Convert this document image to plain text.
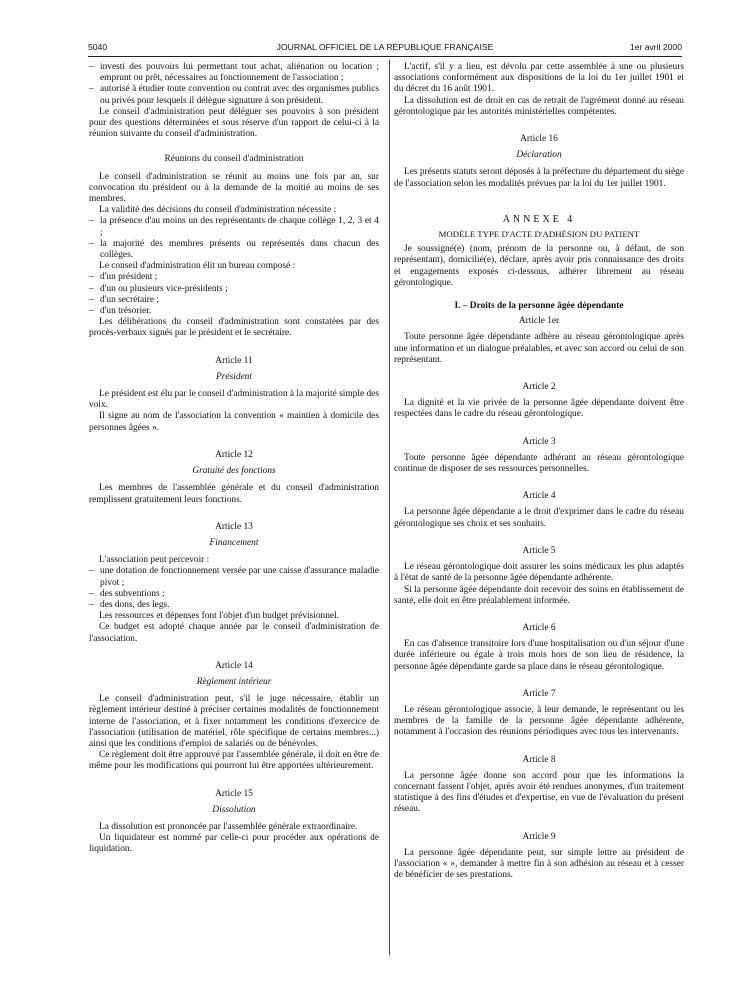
5040	JOURNAL OFFICIEL DE LA RÉPUBLIQUE FRANÇAISE	1er avril 2000
– investi des pouvoirs lui permettant tout achat, aliénation ou location ; emprunt ou prêt, nécessaires au fonctionnement de l'association ;
– autorisé à étudier toute convention ou contrat avec des organismes publics ou privés pour lesquels il délègue signature à son président.

Le conseil d'administration peut déléguer ses pouvoirs à son président pour des questions déterminées et sous réserve d'un rapport de celui-ci à la réunion suivante du conseil d'administration.

Réunions du conseil d'administration

Le conseil d'administration se réunit au moins une fois par an, sur convocation du président ou à la demande de la moitié au moins de ses membres.

La validité des décisions du conseil d'administration nécessite :

– la présence d'au moins un des représentants de chaque collège 1, 2, 3 et 4 ;
– la majorité des membres présents ou représentés dans chacun des collèges.

Le conseil d'administration élit un bureau composé :

– d'un président ;
– d'un ou plusieurs vice-présidents ;
– d'un secrétaire ;
– d'un trésorier.

Les délibérations du conseil d'administration sont constatées par des procès-verbaux signés par le président et le secrétaire.

Article 11
Président

Le président est élu par le conseil d'administration à la majorité simple des voix.

Il signe au nom de l'association la convention « maintien à domicile des personnes âgées ».

Article 12
Gratuité des fonctions

Les membres de l'assemblée générale et du conseil d'administration remplissent gratuitement leurs fonctions.

Article 13
Financement

L'association peut percevoir :

– une dotation de fonctionnement versée par une caisse d'assurance maladie pivot ;
– des subventions ;
– des dons, des legs.

Les ressources et dépenses font l'objet d'un budget prévisionnel.

Ce budget est adopté chaque année par le conseil d'administration de l'association.

Article 14
Règlement intérieur

Le conseil d'administration peut, s'il le juge nécessaire, établir un règlement intérieur destiné à préciser certaines modalités de fonctionnement interne de l'association, et à fixer notamment les conditions d'exercice de l'association (utilisation de matériel, rôle spécifique de certains membres...) ainsi que les conditions d'emploi de salariés ou de bénévoles.

Ce règlement doit être approuvé par l'assemblée générale, il doit en être de même pour les modifications qui pourront lui être apportées ultérieurement.

Article 15
Dissolution

La dissolution est prononcée par l'assemblée générale extraordinaire.

Un liquidateur est nommé par celle-ci pour procéder aux opérations de liquidation.

L'actif, s'il y a lieu, est dévolu par cette assemblée à une ou plusieurs associations conformément aux dispositions de la loi du 1er juillet 1901 et du décret du 16 août 1901.

La dissolution est de droit en cas de retrait de l'agrément donné au réseau gérontologique par les autorités ministérielles compétentes.

Article 16
Déclaration

Les présents statuts seront déposés à la préfecture du département du siège de l'association selon les modalités prévues par la loi du 1er juillet 1901.

ANNEXE 4
MODÈLE TYPE D'ACTE D'ADHÉSION DU PATIENT

Je soussigné(e) (nom, prénom de la personne ou, à défaut, de son représentant), domicilié(e), déclare, après avoir pris connaissance des droits et engagements exposés ci-dessous, adhérer librement au réseau gérontologique.

I. – Droits de la personne âgée dépendante
Article 1er

Toute personne âgée dépendante adhère au réseau gérontologique après une information et un dialogue préalables, et avec son accord ou celui de son représentant.

Article 2

La dignité et la vie privée de la personne âgée dépendante doivent être respectées dans le cadre du réseau gérontologique.

Article 3

Toute personne âgée dépendante adhérant au réseau gérontologique continue de disposer de ses ressources personnelles.

Article 4

La personne âgée dépendante a le droit d'exprimer dans le cadre du réseau gérontologique ses choix et ses souhaits.

Article 5

Le réseau gérontologique doit assurer les soins médicaux les plus adaptés à l'état de santé de la personne âgée dépendante adhérente.

Si la personne âgée dépendante doit recevoir des soins en établissement de santé, elle doit en être préalablement informée.

Article 6

En cas d'absence transitoire lors d'une hospitalisation ou d'un séjour d'une durée inférieure ou égale à trois mois hors de son lieu de résidence, la personne âgée dépendante garde sa place dans le réseau gérontologique.

Article 7

Le réseau gérontologique associe, à leur demande, le représentant ou les membres de la famille de la personne âgée dépendante adhérente, notamment à l'occasion des réunions périodiques avec tous les intervenants.

Article 8

La personne âgée donne son accord pour que les informations la concernant fassent l'objet, après avoir été rendues anonymes, d'un traitement statistique à des fins d'études et d'expertise, en vue de l'évaluation du présent réseau.

Article 9

La personne âgée dépendante peut, sur simple lettre au président de l'association « », demander à mettre fin à son adhésion au réseau et à cesser de bénéficier de ses prestations.
